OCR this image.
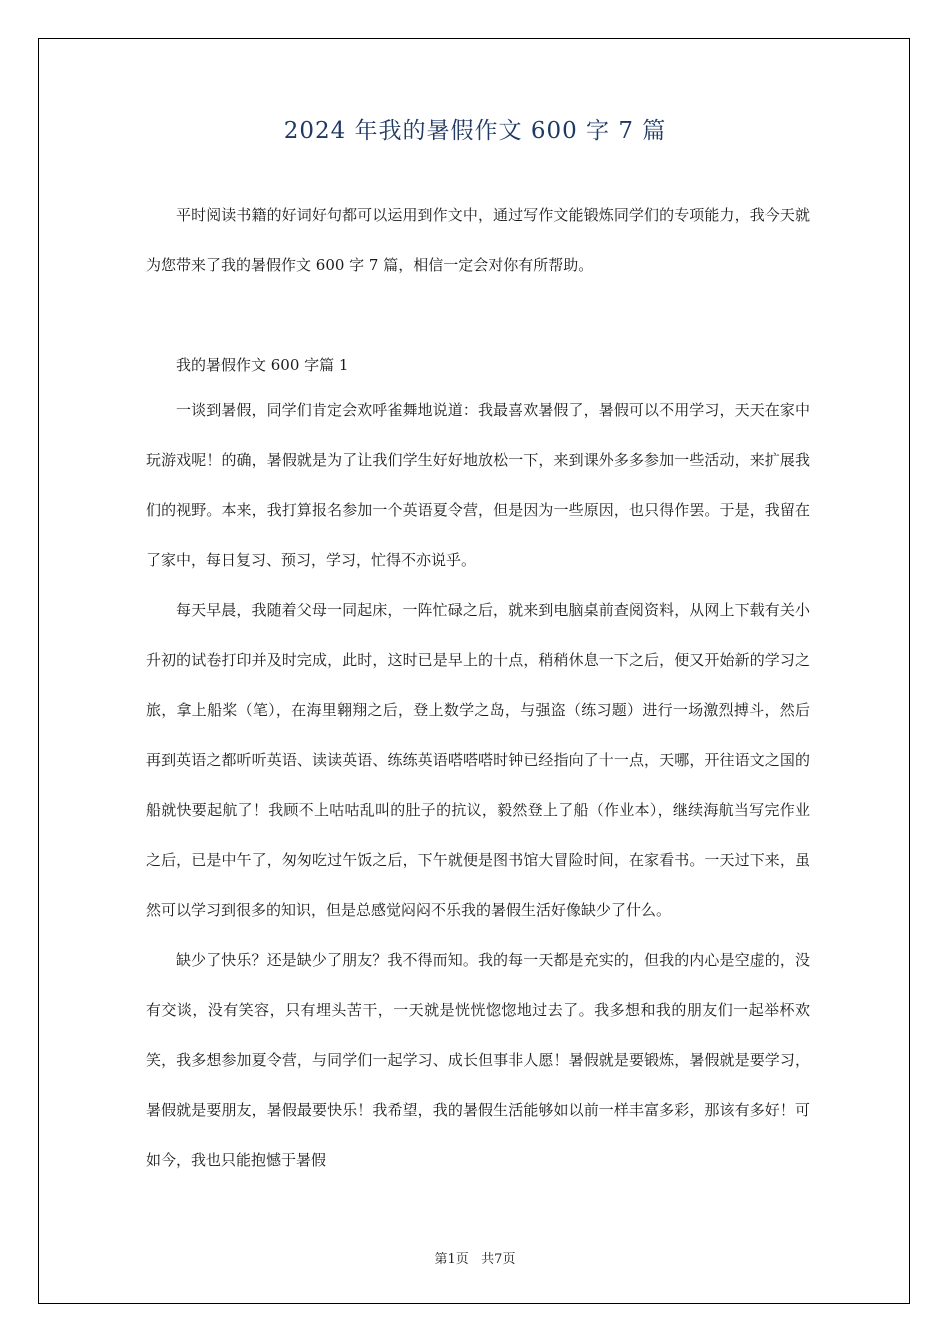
2024 年我的暑假作文 600 字 7 篇

平时阅读书籍的好词好句都可以运用到作文中，通过写作文能锻炼同学们的专项能力，我今天就为您带来了我的暑假作文 600 字 7 篇，相信一定会对你有所帮助。

我的暑假作文 600 字篇 1

一谈到暑假，同学们肯定会欢呼雀舞地说道：我最喜欢暑假了，暑假可以不用学习，天天在家中玩游戏呢！的确，暑假就是为了让我们学生好好地放松一下，来到课外多多参加一些活动，来扩展我们的视野。本来，我打算报名参加一个英语夏令营，但是因为一些原因，也只得作罢。于是，我留在了家中，每日复习、预习，学习，忙得不亦说乎。

每天早晨，我随着父母一同起床，一阵忙碌之后，就来到电脑桌前查阅资料，从网上下载有关小升初的试卷打印并及时完成，此时，这时已是早上的十点，稍稍休息一下之后，便又开始新的学习之旅，拿上船桨（笔），在海里翱翔之后，登上数学之岛，与强盗（练习题）进行一场激烈搏斗，然后再到英语之都听听英语、读读英语、练练英语嗒嗒嗒时钟已经指向了十一点，天哪，开往语文之国的船就快要起航了！我顾不上咕咕乱叫的肚子的抗议，毅然登上了船（作业本），继续海航当写完作业之后，已是中午了，匆匆吃过午饭之后，下午就便是图书馆大冒险时间，在家看书。一天过下来，虽然可以学习到很多的知识，但是总感觉闷闷不乐我的暑假生活好像缺少了什么。

缺少了快乐？还是缺少了朋友？我不得而知。我的每一天都是充实的，但我的内心是空虚的，没有交谈，没有笑容，只有埋头苦干，一天就是恍恍惚惚地过去了。我多想和我的朋友们一起举杯欢笑，我多想参加夏令营，与同学们一起学习、成长但事非人愿！暑假就是要锻炼，暑假就是要学习，暑假就是要朋友，暑假最要快乐！我希望，我的暑假生活能够如以前一样丰富多彩，那该有多好！可如今，我也只能抱憾于暑假

第1页   共7页
